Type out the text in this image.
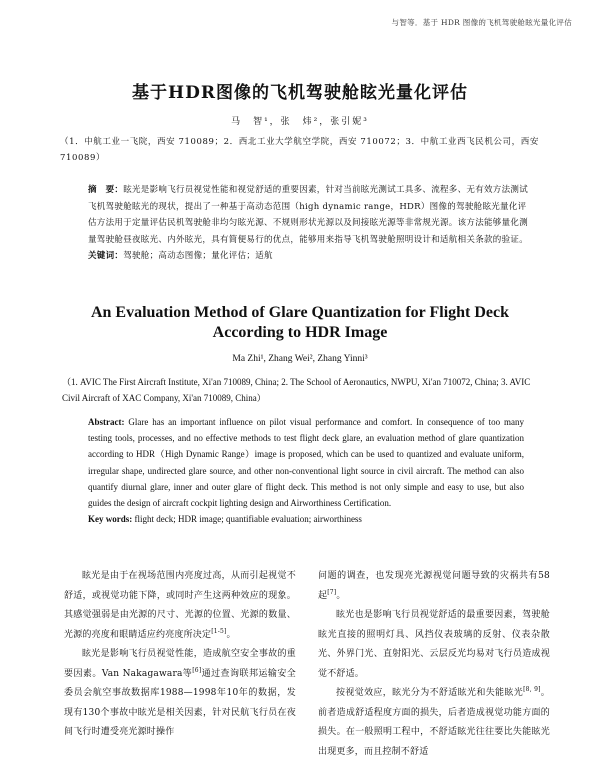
与智等．基于 HDR 图像的飞机驾驶舱眩光量化评估
基于HDR图像的飞机驾驶舱眩光量化评估
马　智¹，张　炜²，张引妮³
（1．中航工业一飞院，西安 710089；2．西北工业大学航空学院，西安 710072；3．中航工业西飞民机公司，西安 710089）
摘　要：眩光是影响飞行员视觉性能和视觉舒适的重要因素，针对当前眩光测试工具多、流程多、无有效方法测试飞机驾驶舱眩光的现状，提出了一种基于高动态范围（high dynamic range，HDR）图像的驾驶舱眩光量化评估方法用于定量评估民机驾驶舱非均匀眩光源、不规则形状光源以及间接眩光源等非常规光源。该方法能够量化测量驾驶舱昼夜眩光、内外眩光，具有简便易行的优点，能够用来指导飞机驾驶舱照明设计和适航相关条款的验证。
关键词：驾驶舱；高动态图像；量化评估；适航
An Evaluation Method of Glare Quantization for Flight Deck
According to HDR Image
Ma Zhi¹, Zhang Wei², Zhang Yinni³
（1. AVIC The First Aircraft Institute, Xi'an 710089, China; 2. The School of Aeronautics, NWPU, Xi'an 710072, China; 3. AVIC Civil Aircraft of XAC Company, Xi'an 710089, China）
Abstract: Glare has an important influence on pilot visual performance and comfort. In consequence of too many testing tools, processes, and no effective methods to test flight deck glare, an evaluation method of glare quantization according to HDR（High Dynamic Range）image is proposed, which can be used to quantized and evaluate uniform, irregular shape, undirected glare source, and other non-conventional light source in civil aircraft. The method can also quantify diurnal glare, inner and outer glare of flight deck. This method is not only simple and easy to use, but also guides the design of aircraft cockpit lighting design and Airworthiness Certification.
Key words: flight deck; HDR image; quantifiable evaluation; airworthiness

眩光是由于在视场范围内亮度过高，从而引起视觉不舒适，或视觉功能下降，或同时产生这两种效应的现象。其感觉强弱是由光源的尺寸、光源的位置、光源的数量、光源的亮度和眼睛适应约亮度所决定[1-5]。

眩光是影响飞行员视觉性能，造成航空安全事故的重要因素。Van Nakagawara等[6]通过查询联邦运输安全委员会航空事故数据库1988—1998年10年的数据，发现有130个事故中眩光是相关因素，针对民航飞行员在夜间飞行时遭受亮光源时操作

问题的调查，也发现亮光源视觉问题导致的灾祸共有58起[7]。

眩光也是影响飞行员视觉舒适的最重要因素，驾驶舱眩光直接的照明灯具、风挡仪表玻璃的反射、仪表杂散光、外界门光、直射阳光、云层反光均易对飞行员造成视觉不舒适。

按视觉效应，眩光分为不舒适眩光和失能眩光[8, 9]。前者造成舒适程度方面的损失，后者造成视觉功能方面的损失。在一般照明工程中，不舒适眩光往往要比失能眩光出现更多，而且控制不舒适
